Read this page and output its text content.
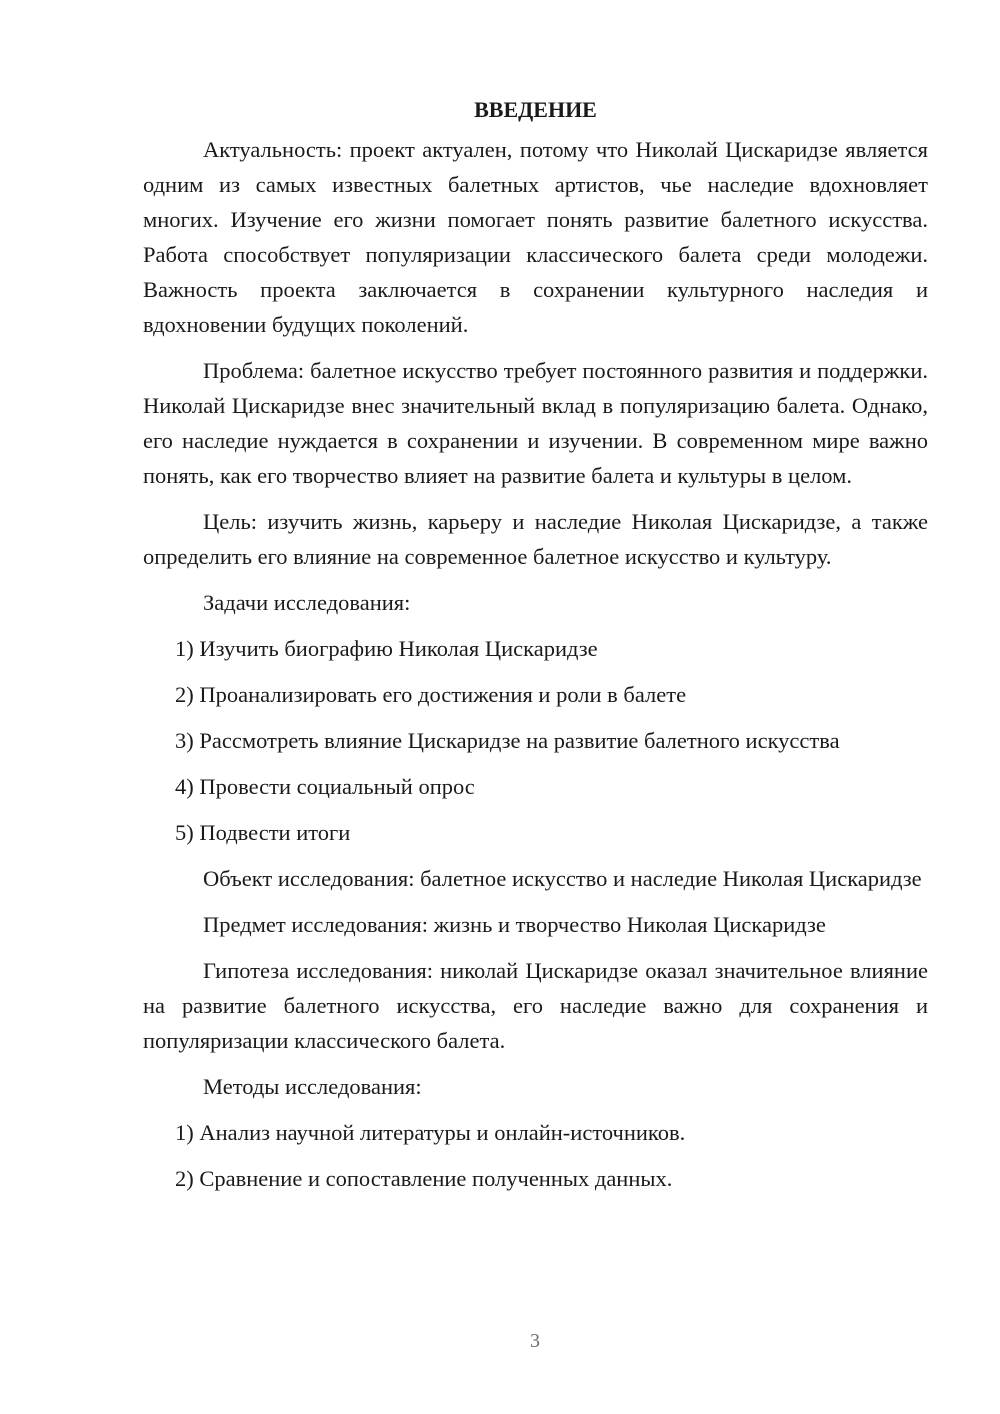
ВВЕДЕНИЕ

Актуальность: проект актуален, потому что Николай Цискаридзе является одним из самых известных балетных артистов, чье наследие вдохновляет многих. Изучение его жизни помогает понять развитие балетного искусства. Работа способствует популяризации классического балета среди молодежи. Важность проекта заключается в сохранении культурного наследия и вдохновении будущих поколений.

Проблема: балетное искусство требует постоянного развития и поддержки. Николай Цискаридзе внес значительный вклад в популяризацию балета. Однако, его наследие нуждается в сохранении и изучении. В современном мире важно понять, как его творчество влияет на развитие балета и культуры в целом.

Цель: изучить жизнь, карьеру и наследие Николая Цискаридзе, а также определить его влияние на современное балетное искусство и культуру.

Задачи исследования:
1) Изучить биографию Николая Цискаридзе
2) Проанализировать его достижения и роли в балете
3) Рассмотреть влияние Цискаридзе на развитие балетного искусства
4) Провести социальный опрос
5) Подвести итоги

Объект исследования: балетное искусство и наследие Николая Цискаридзе

Предмет исследования: жизнь и творчество Николая Цискаридзе

Гипотеза исследования: николай Цискаридзе оказал значительное влияние на развитие балетного искусства, его наследие важно для сохранения и популяризации классического балета.

Методы исследования:
1) Анализ научной литературы и онлайн-источников.
2) Сравнение и сопоставление полученных данных.
3
